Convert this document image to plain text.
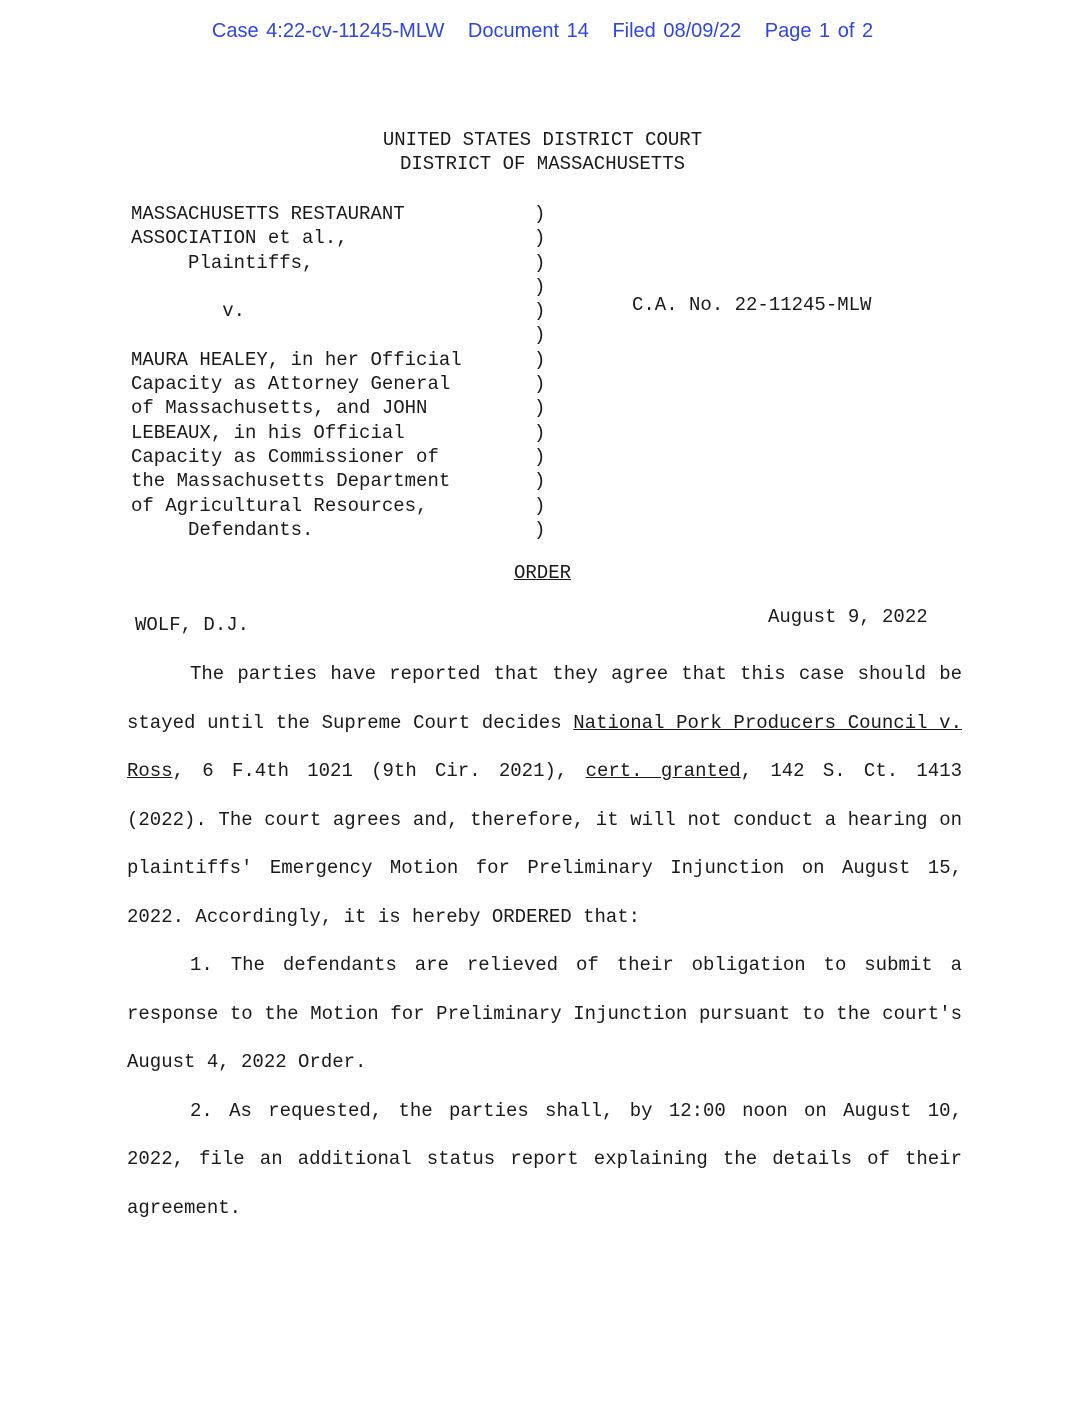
Case 4:22-cv-11245-MLW Document 14 Filed 08/09/22 Page 1 of 2
UNITED STATES DISTRICT COURT
DISTRICT OF MASSACHUSETTS
MASSACHUSETTS RESTAURANT
ASSOCIATION et al.,
Plaintiffs,
v.
MAURA HEALEY, in her Official
Capacity as Attorney General
of Massachusetts, and JOHN
LEBEAUX, in his Official
Capacity as Commissioner of
the Massachusetts Department
of Agricultural Resources,
Defendants.
)
)
)
)
)
)
)
)
)
)
)
)
)
)
C.A. No. 22-11245-MLW
ORDER
WOLF, D.J.	August 9, 2022

The parties have reported that they agree that this case should be stayed until the Supreme Court decides National Pork Producers Council v. Ross, 6 F.4th 1021 (9th Cir. 2021), cert. granted, 142 S. Ct. 1413 (2022). The court agrees and, therefore, it will not conduct a hearing on plaintiffs' Emergency Motion for Preliminary Injunction on August 15, 2022. Accordingly, it is hereby ORDERED that:

1. The defendants are relieved of their obligation to submit a response to the Motion for Preliminary Injunction pursuant to the court's August 4, 2022 Order.

2. As requested, the parties shall, by 12:00 noon on August 10, 2022, file an additional status report explaining the details of their agreement.
